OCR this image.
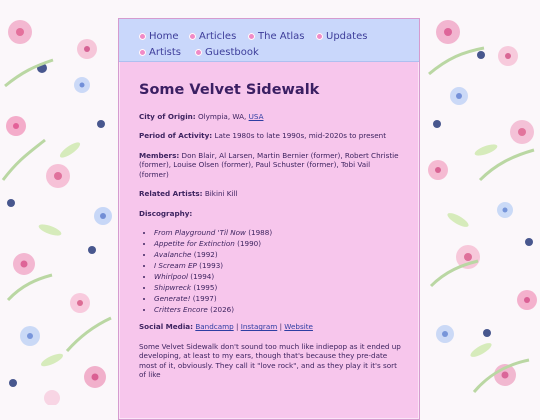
Home	Articles	The Atlas	Updates
Artists	Guestbook
Some Velvet Sidewalk

City of Origin: Olympia, WA, USA

Period of Activity: Late 1980s to late 1990s, mid-2020s to present

Members: Don Blair, Al Larsen, Martin Bernier (former), Robert Christie (former), Louise Olsen (former), Paul Schuster (former), Tobi Vail (former)

Related Artists: Bikini Kill

Discography:

• From Playground 'Til Now (1988)
• Appetite for Extinction (1990)
• Avalanche (1992)
• I Scream EP (1993)
• Whirlpool (1994)
• Shipwreck (1995)
• Generate! (1997)
• Critters Encore (2026)

Social Media: Bandcamp | Instagram | Website

Some Velvet Sidewalk don't sound too much like indiepop as it ended up developing, at least to my ears, though that's because they pre-date most of it, obviously. They call it "love rock", and as they play it it's sort of like
